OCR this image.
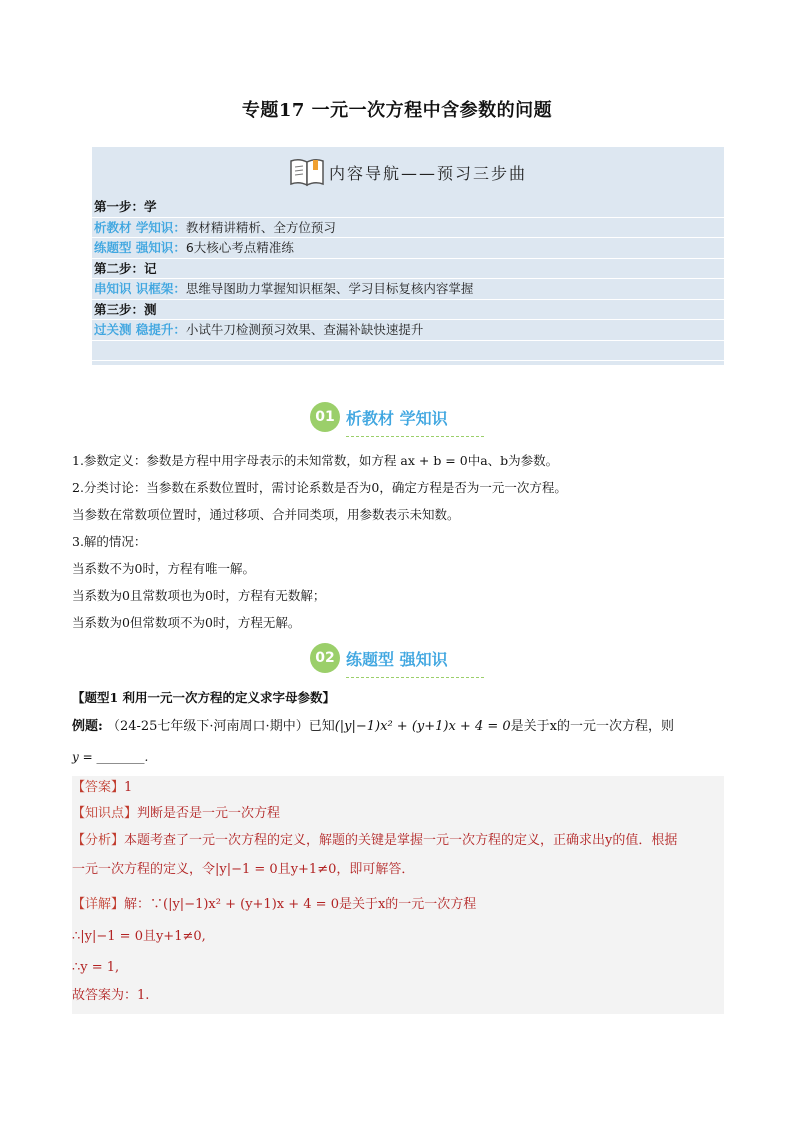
专题17 一元一次方程中含参数的问题
内容导航——预习三步曲
第一步：学
析教材 学知识：教材精讲精析、全方位预习
练题型 强知识：6大核心考点精准练
第二步：记
串知识 识框架：思维导图助力掌握知识框架、学习目标复核内容掌握
第三步：测
过关测 稳提升：小试牛刀检测预习效果、查漏补缺快速提升
01 析教材 学知识
1.参数定义：参数是方程中用字母表示的未知常数，如方程 ax + b = 0中a、b为参数。
2.分类讨论：当参数在系数位置时，需讨论系数是否为0，确定方程是否为一元一次方程。
当参数在常数项位置时，通过移项、合并同类项，用参数表示未知数。
3.解的情况：
当系数不为0时，方程有唯一解。
当系数为0且常数项也为0时，方程有无数解；
当系数为0但常数项不为0时，方程无解。
02 练题型 强知识
【题型1 利用一元一次方程的定义求字母参数】
例题: （24-25七年级下·河南周口·期中）已知(|y|−1)x² + (y+1)x + 4 = 0是关于x的一元一次方程，则
y = ________.
【答案】1
【知识点】判断是否是一元一次方程
【分析】本题考查了一元一次方程的定义，解题的关键是掌握一元一次方程的定义，正确求出y的值．根据
一元一次方程的定义，令|y|−1 = 0且y+1≠0，即可解答．
【详解】解：∵(|y|−1)x² + (y+1)x + 4 = 0是关于x的一元一次方程
∴|y|−1 = 0且y+1≠0,
∴y = 1,
故答案为：1.
